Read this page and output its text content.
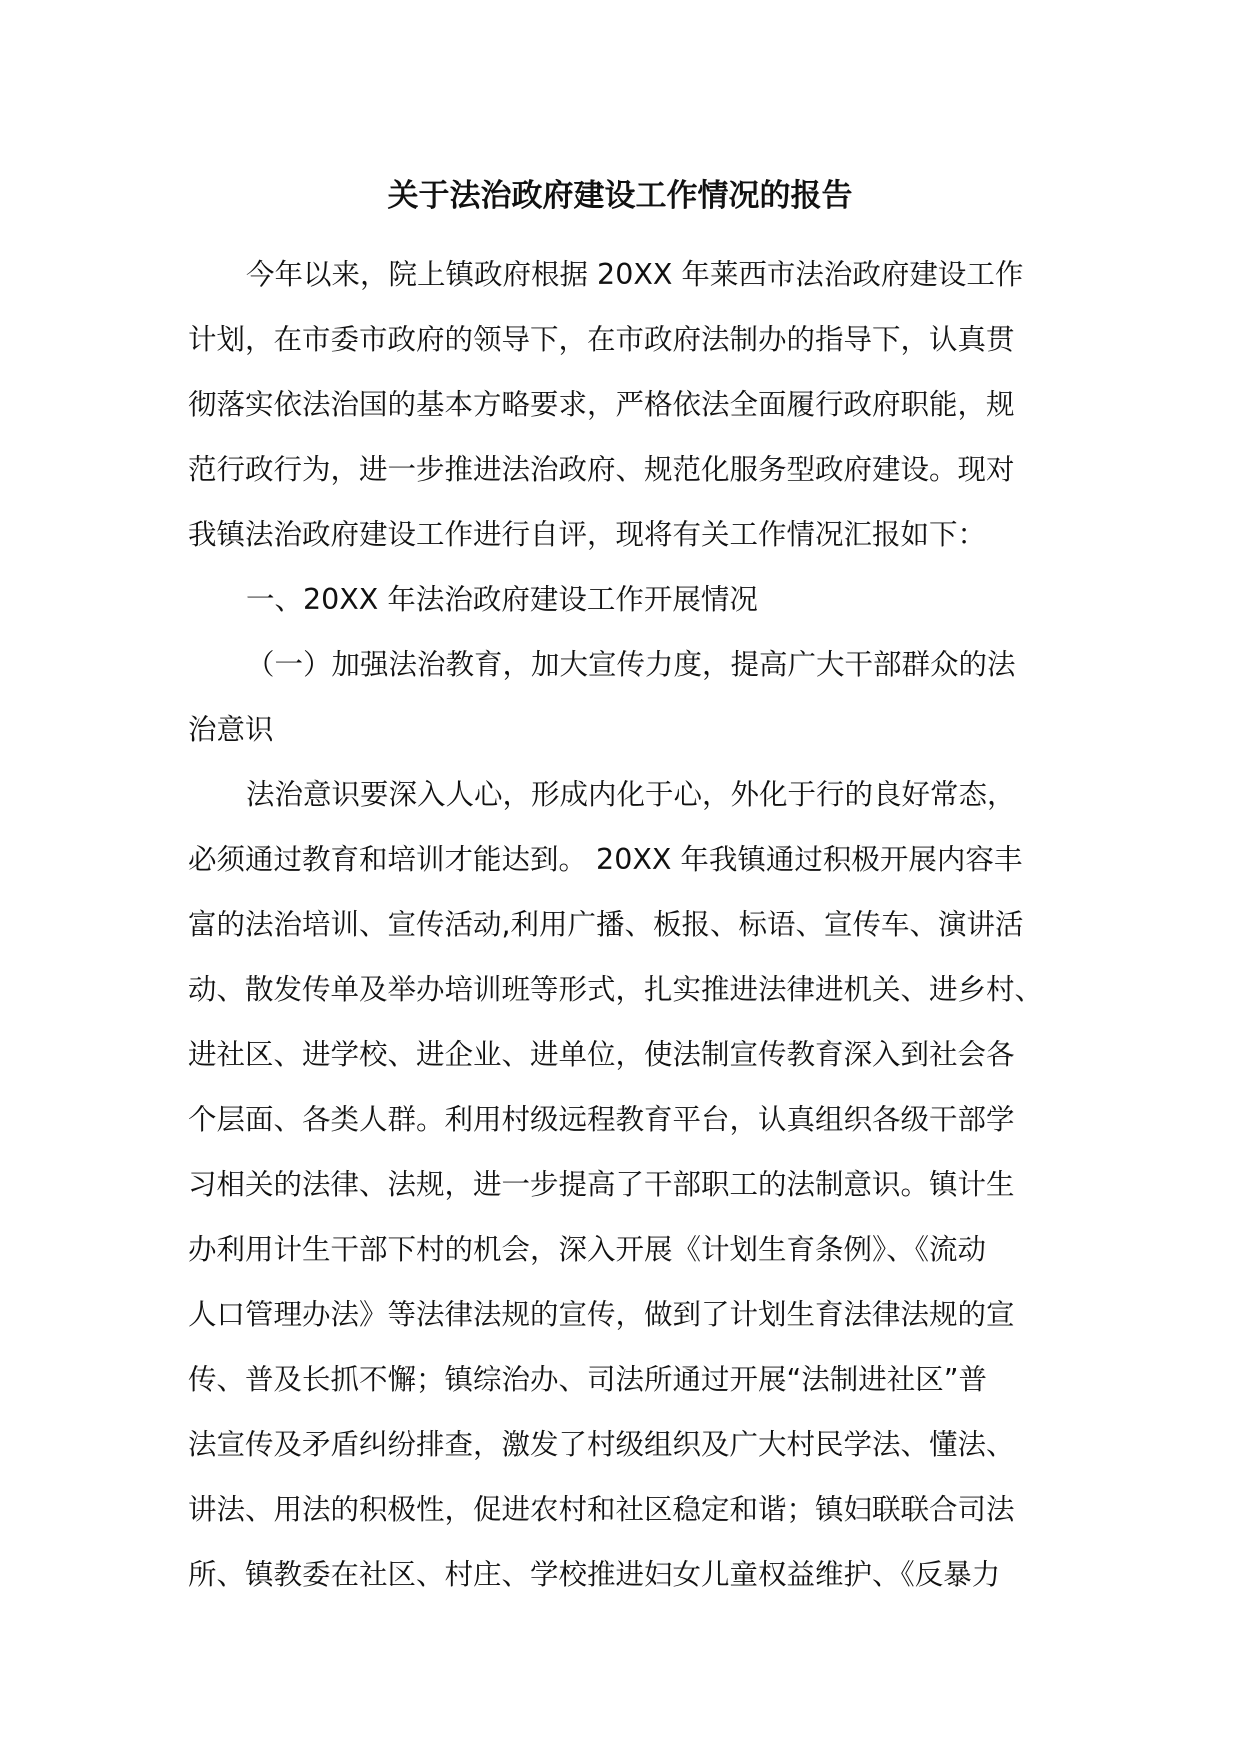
关于法治政府建设工作情况的报告
今年以来，院上镇政府根据 20XX 年莱西市法治政府建设工作
计划，在市委市政府的领导下，在市政府法制办的指导下，认真贯
彻落实依法治国的基本方略要求，严格依法全面履行政府职能，规
范行政行为，进一步推进法治政府、规范化服务型政府建设。现对
我镇法治政府建设工作进行自评，现将有关工作情况汇报如下：
一、20XX 年法治政府建设工作开展情况
（一）加强法治教育，加大宣传力度，提高广大干部群众的法
治意识
法治意识要深入人心，形成内化于心，外化于行的良好常态，
必须通过教育和培训才能达到。 20XX 年我镇通过积极开展内容丰
富的法治培训、宣传活动,利用广播、板报、标语、宣传车、演讲活
动、散发传单及举办培训班等形式，扎实推进法律进机关、进乡村、
进社区、进学校、进企业、进单位，使法制宣传教育深入到社会各
个层面、各类人群。利用村级远程教育平台，认真组织各级干部学
习相关的法律、法规，进一步提高了干部职工的法制意识。镇计生
办利用计生干部下村的机会，深入开展《计划生育条例》、《流动
人口管理办法》等法律法规的宣传，做到了计划生育法律法规的宣
传、普及长抓不懈；镇综治办、司法所通过开展“法制进社区”普
法宣传及矛盾纠纷排查，激发了村级组织及广大村民学法、懂法、
讲法、用法的积极性，促进农村和社区稳定和谐；镇妇联联合司法
所、镇教委在社区、村庄、学校推进妇女儿童权益维护、《反暴力
